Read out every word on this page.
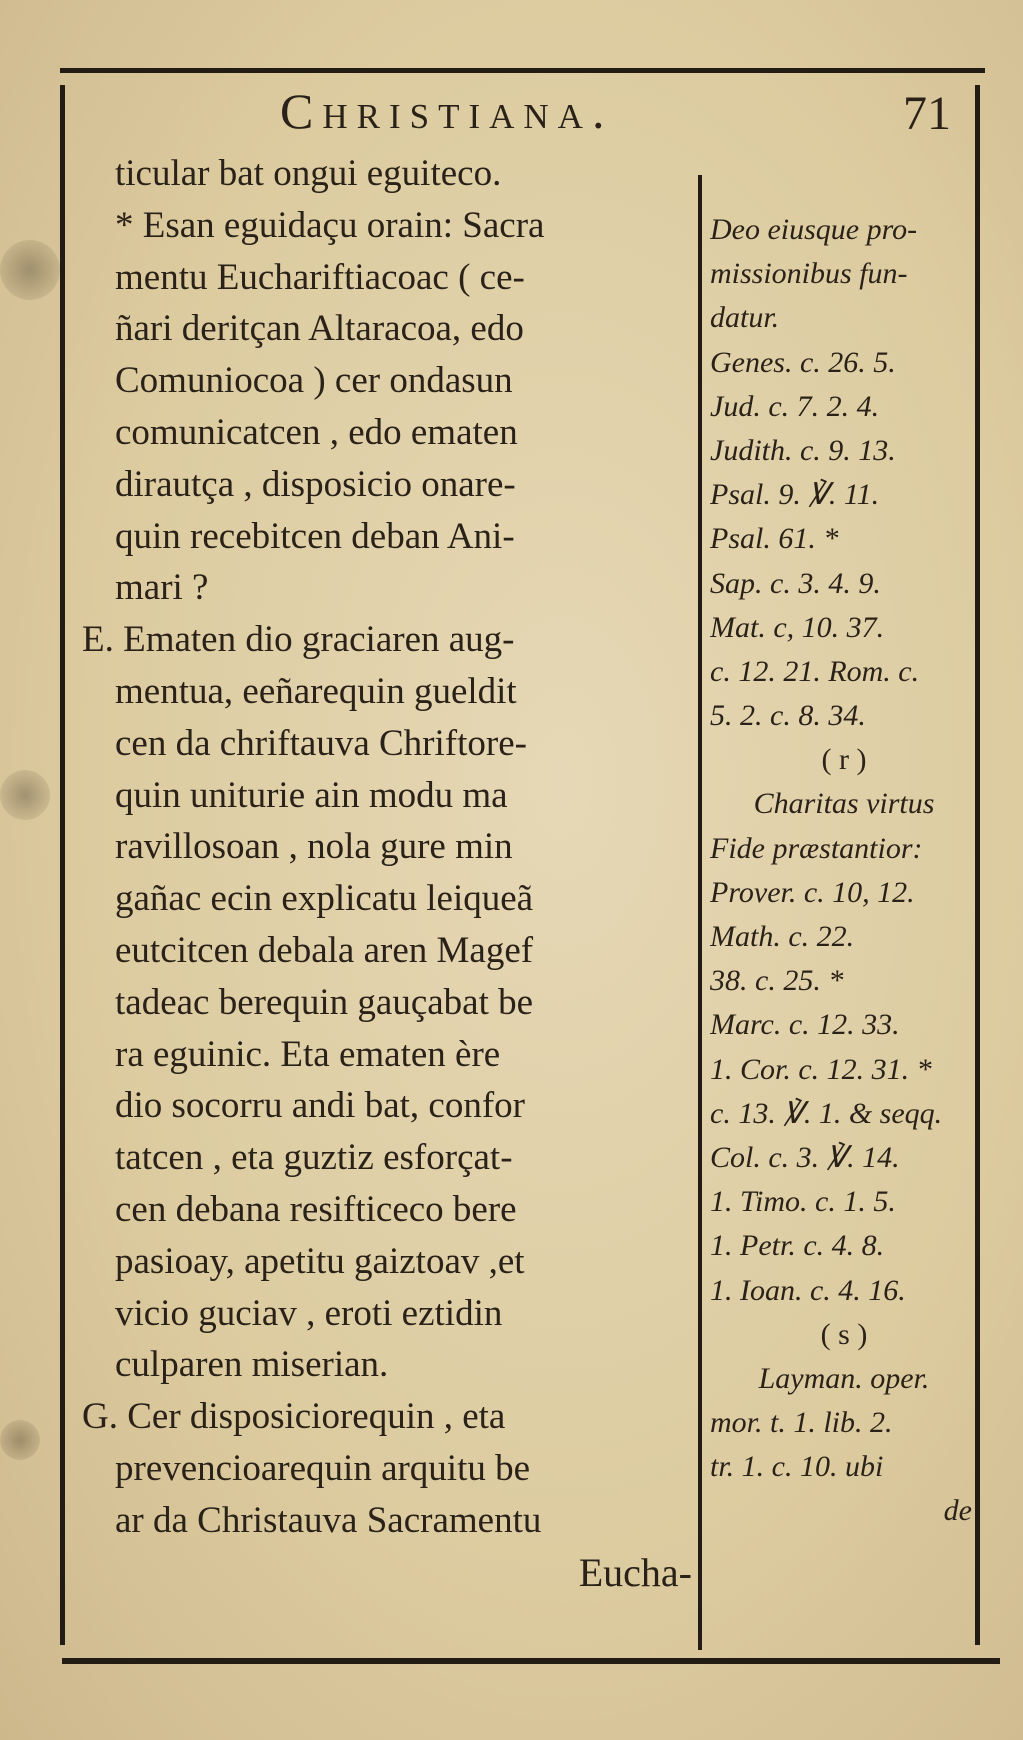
Christiana.	71
ticular bat ongui eguiteco.
* Esan eguidaçu orain: Sacra
mentu Euchariftiacoac ( ce-
ñari deritçan Altaracoa, edo
Comuniocoa ) cer ondasun
comunicatcen , edo ematen
dirautça , disposicio onare-
quin recebitcen deban Ani-
mari ?
E. Ematen dio graciaren aug-
mentua, eeñarequin gueldit
cen da chriftauva Chriftore-
quin uniturie ain modu ma
ravillosoan , nola gure min
gañac ecin explicatu leiqueã
eutcitcen debala aren Magef
tadeac berequin gauçabat be
ra eguinic. Eta ematen ère
dio socorru andi bat, confor
tatcen , eta guztiz esforçat-
cen debana resifticeco bere
pasioay, apetitu gaiztoav ,et
vicio guciav , eroti eztidin
culparen miserian.
G. Cer disposiciorequin , eta
prevencioarequin arquitu be
ar da Christauva Sacramentu
Eucha-
Deo eiusque pro-
missionibus fun-
datur.
Genes. c. 26. 5.
Jud. c. 7. 2. 4.
Judith. c. 9. 13.
Psal. 9. ℣. 11.
Psal. 61. *
Sap. c. 3. 4. 9.
Mat. c, 10. 37.
c. 12. 21. Rom. c.
5. 2. c. 8. 34.
( r )
Charitas virtus
Fide præstantior:
Prover. c. 10, 12.
Math. c. 22.
38. c. 25. *
Marc. c. 12. 33.
1. Cor. c. 12. 31. *
c. 13. ℣. 1. & seqq.
Col. c. 3. ℣. 14.
1. Timo. c. 1. 5.
1. Petr. c. 4. 8.
1. Ioan. c. 4. 16.
( s )
Layman. oper.
mor. t. 1. lib. 2.
tr. 1. c. 10. ubi
de
